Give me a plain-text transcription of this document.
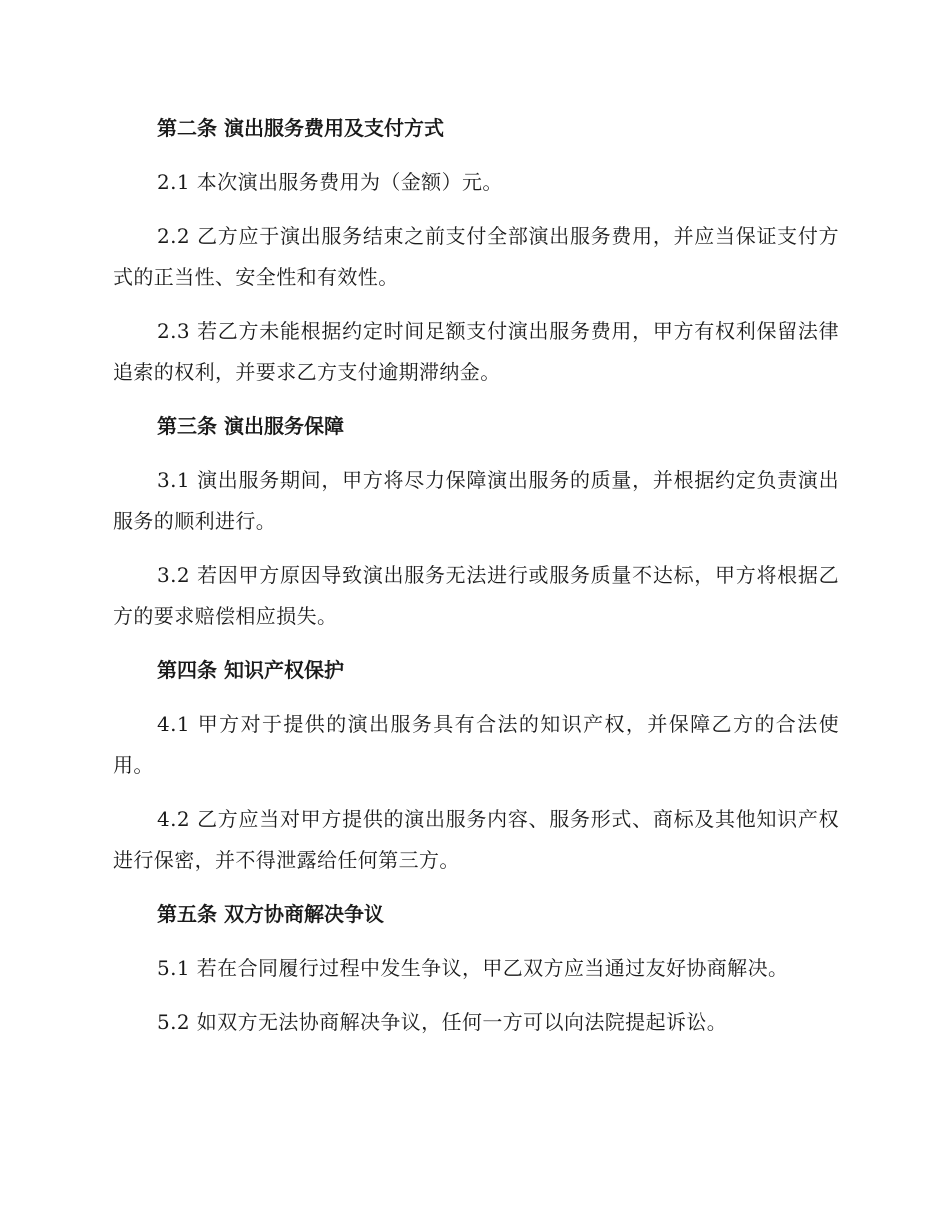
第二条 演出服务费用及支付方式

2.1 本次演出服务费用为（金额）元。

2.2 乙方应于演出服务结束之前支付全部演出服务费用，并应当保证支付方式的正当性、安全性和有效性。

2.3 若乙方未能根据约定时间足额支付演出服务费用，甲方有权利保留法律追索的权利，并要求乙方支付逾期滞纳金。

第三条 演出服务保障

3.1 演出服务期间，甲方将尽力保障演出服务的质量，并根据约定负责演出服务的顺利进行。

3.2 若因甲方原因导致演出服务无法进行或服务质量不达标，甲方将根据乙方的要求赔偿相应损失。

第四条 知识产权保护

4.1 甲方对于提供的演出服务具有合法的知识产权，并保障乙方的合法使用。

4.2 乙方应当对甲方提供的演出服务内容、服务形式、商标及其他知识产权进行保密，并不得泄露给任何第三方。

第五条 双方协商解决争议

5.1 若在合同履行过程中发生争议，甲乙双方应当通过友好协商解决。

5.2 如双方无法协商解决争议，任何一方可以向法院提起诉讼。
